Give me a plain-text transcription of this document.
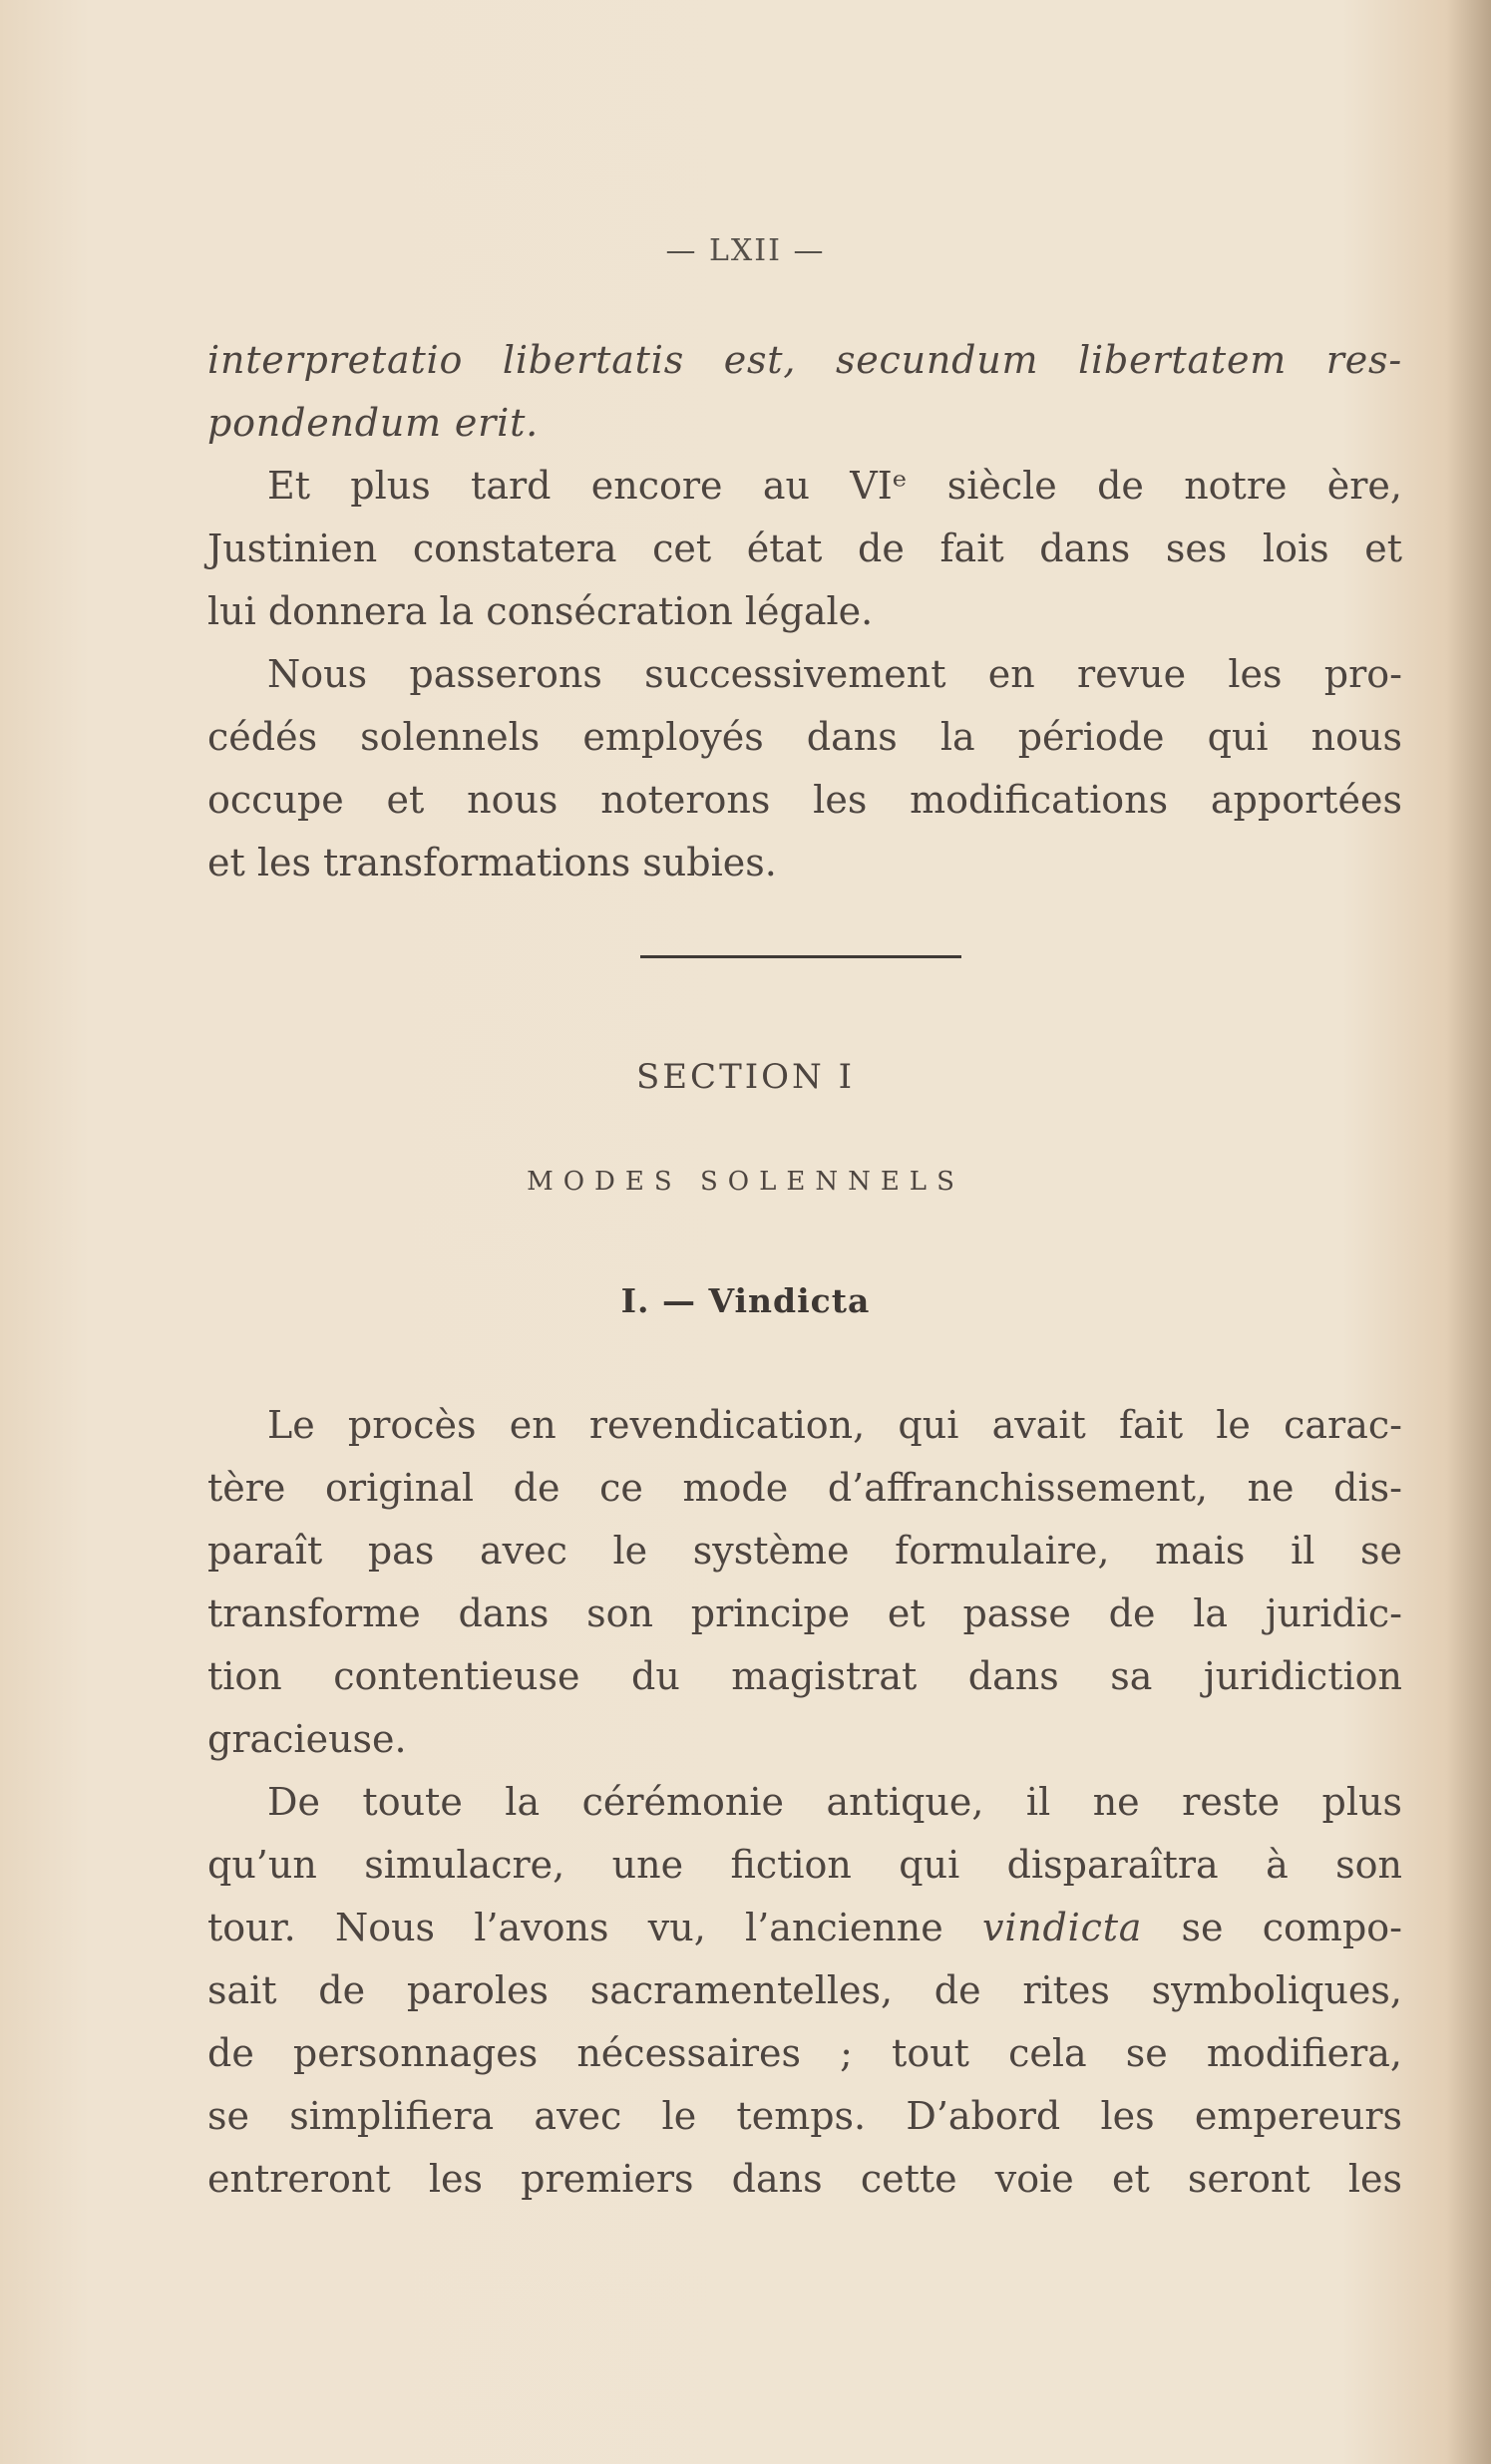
— LXII —
interpretatio libertatis est, secundum libertatem res-
pondendum erit.
Et plus tard encore au VIᵉ siècle de notre ère,
Justinien constatera cet état de fait dans ses lois et
lui donnera la consécration légale.
Nous passerons successivement en revue les pro-
cédés solennels employés dans la période qui nous
occupe et nous noterons les modifications apportées
et les transformations subies.
SECTION I
MODES SOLENNELS
I. — Vindicta
Le procès en revendication, qui avait fait le carac-
tère original de ce mode d’affranchissement, ne dis-
paraît pas avec le système formulaire, mais il se
transforme dans son principe et passe de la juridic-
tion contentieuse du magistrat dans sa juridiction
gracieuse.
De toute la cérémonie antique, il ne reste plus
qu’un simulacre, une fiction qui disparaîtra à son
tour. Nous l’avons vu, l’ancienne vindicta se compo-
sait de paroles sacramentelles, de rites symboliques,
de personnages nécessaires ; tout cela se modifiera,
se simplifiera avec le temps. D’abord les empereurs
entreront les premiers dans cette voie et seront les
